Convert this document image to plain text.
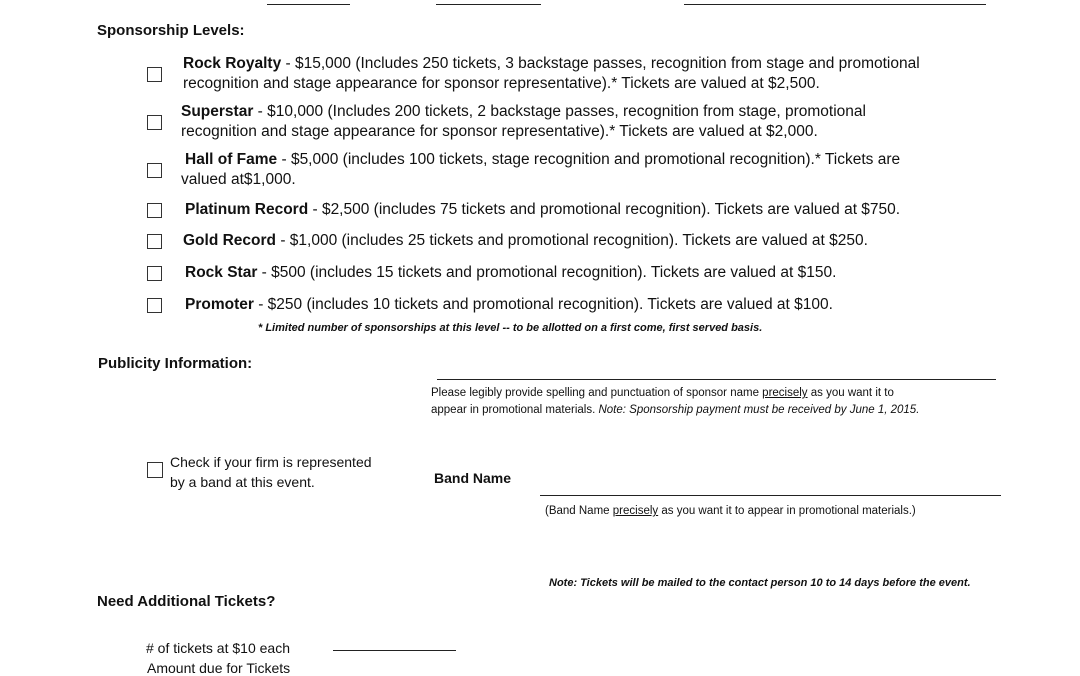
Sponsorship Levels:
Rock Royalty - $15,000 (Includes 250 tickets, 3 backstage passes, recognition from stage and promotional
recognition and stage appearance for sponsor representative).* Tickets are valued at $2,500.
Superstar - $10,000 (Includes 200 tickets, 2 backstage passes, recognition from stage, promotional
recognition and stage appearance for sponsor representative).* Tickets are valued at $2,000.
Hall of Fame - $5,000 (includes 100 tickets, stage recognition and promotional recognition).* Tickets are
valued at$1,000.
Platinum Record - $2,500 (includes 75 tickets and promotional recognition). Tickets are valued at $750.
Gold Record - $1,000 (includes 25 tickets and promotional recognition). Tickets are valued at $250.
Rock Star - $500 (includes 15 tickets and promotional recognition). Tickets are valued at $150.
Promoter - $250 (includes 10 tickets and promotional recognition). Tickets are valued at $100.
* Limited number of sponsorships at this level -- to be allotted on a first come, first served basis.
Publicity Information:
Please legibly provide spelling and punctuation of sponsor name precisely as you want it to
appear in promotional materials. Note: Sponsorship payment must be received by June 1, 2015.
Check if your firm is represented
by a band at this event.	Band Name
(Band Name precisely as you want it to appear in promotional materials.)
Note: Tickets will be mailed to the contact person 10 to 14 days before the event.
Need Additional Tickets?
# of tickets at $10 each
Amount due for Tickets
